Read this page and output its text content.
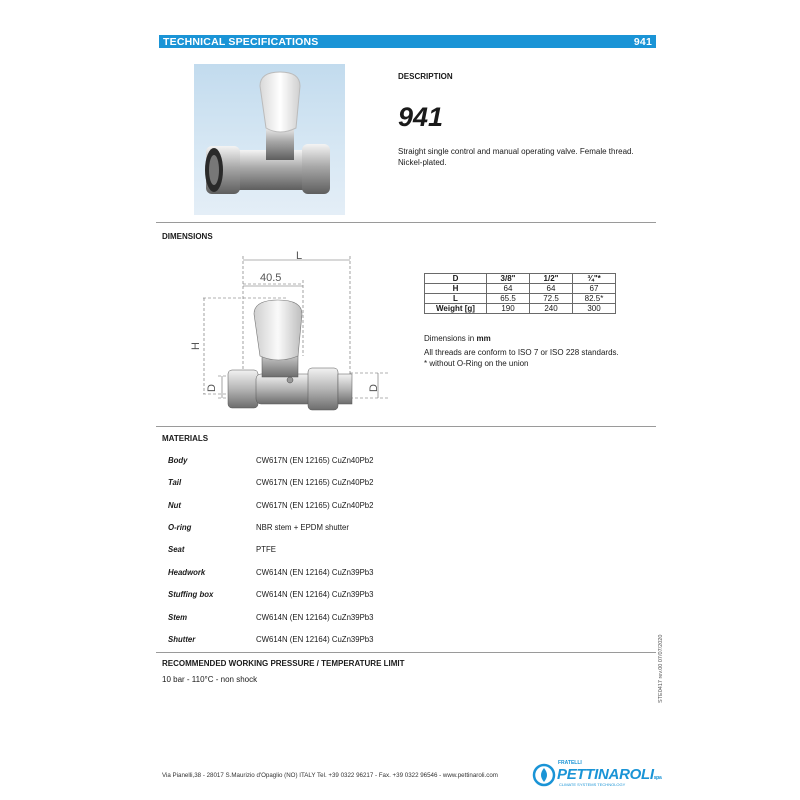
TECHNICAL SPECIFICATIONS	941
DESCRIPTION
941
Straight single control and manual operating valve. Female thread. Nickel-plated.
DIMENSIONS
L
40.5
H
D	D
D	3/8"	1/2"	¾"*
H	64	64	67
L	65.5	72.5	82.5*
Weight [g]	190	240	300
Dimensions in mm
All threads are conform to ISO 7 or ISO 228 standards.
* without O-Ring on the union
MATERIALS
Body	CW617N (EN 12165) CuZn40Pb2
Tail	CW617N (EN 12165) CuZn40Pb2
Nut	CW617N (EN 12165) CuZn40Pb2
O-ring	NBR stem + EPDM shutter
Seat	PTFE
Headwork	CW614N (EN 12164) CuZn39Pb3
Stuffing box	CW614N (EN 12164) CuZn39Pb3
Stem	CW614N (EN 12164) CuZn39Pb3
Shutter	CW614N (EN 12164) CuZn39Pb3
RECOMMENDED WORKING PRESSURE / TEMPERATURE LIMIT
10 bar - 110°C - non shock	STE0417 rev.00 07/07/2020
Via Pianelli,38 - 28017 S.Maurizio d'Opaglio (NO) ITALY Tel. +39 0322 96217 - Fax. +39 0322 96546 - www.pettinaroli.com
FRATELLI
PETTINAROLIspa
CLIMATE SYSTEMS TECHNOLOGY
